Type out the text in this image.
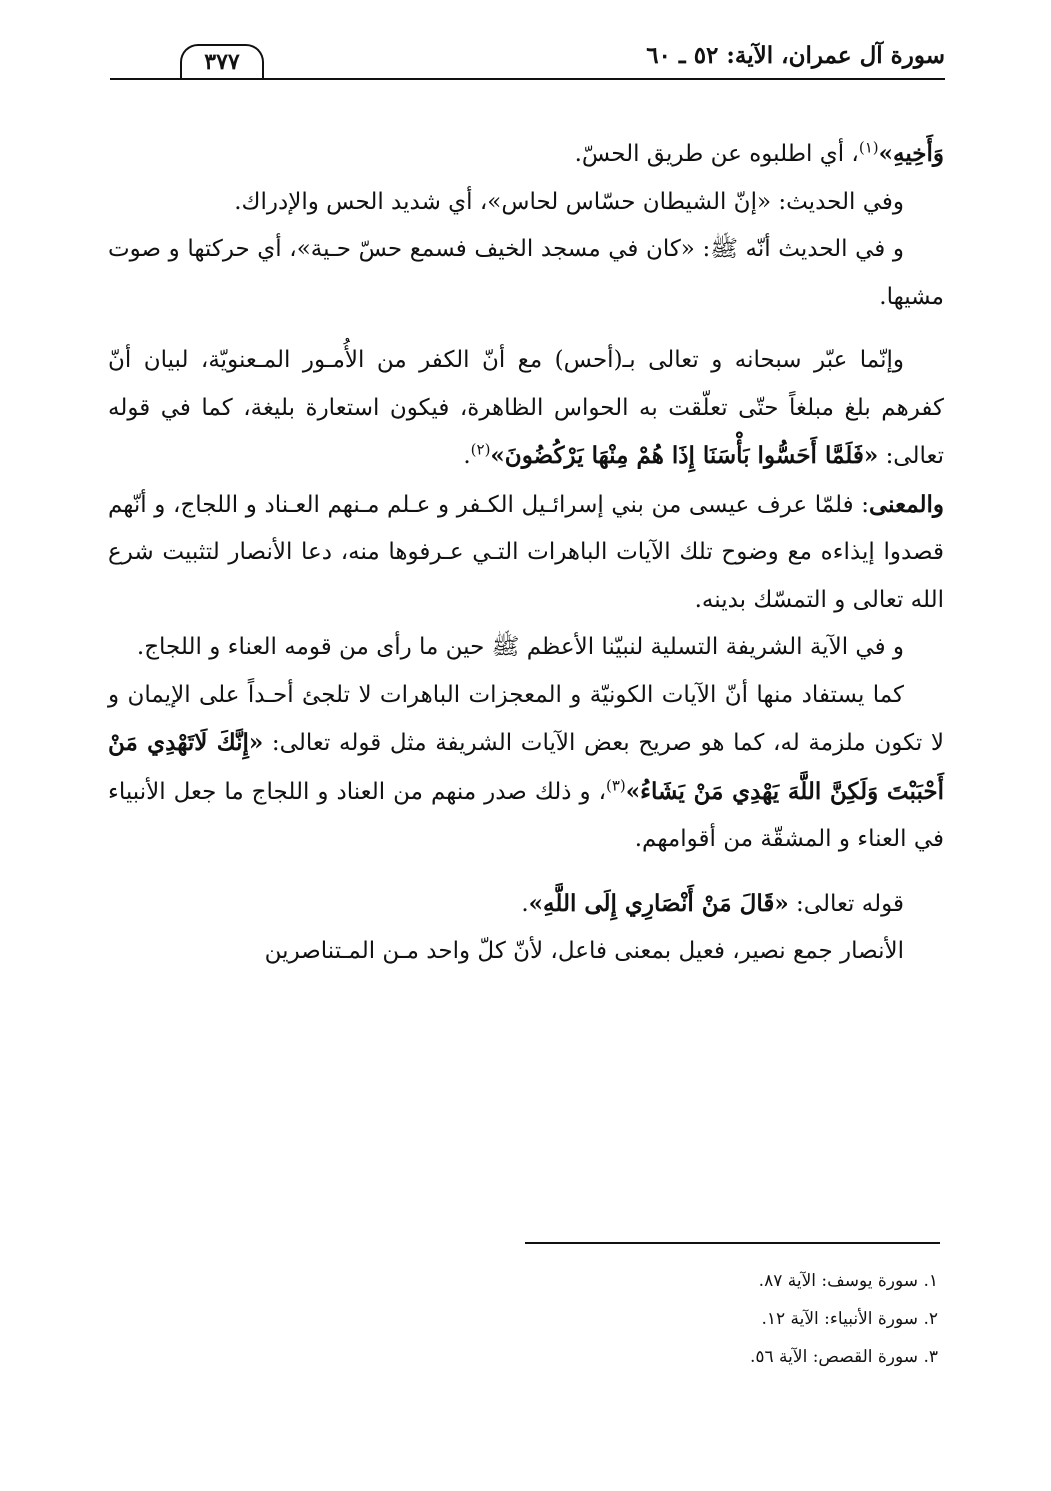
سورة آل عمران، الآية: ٥٢ ـ ٦٠
٣٧٧

وَأَخِيهِ»$^{(١)}$، أي اطلبوه عن طريق الحسّ.

وفي الحديث: «إنّ الشيطان حسّاس لحاس»، أي شديد الحس والإدراك.

و في الحديث أنّه ﷺ: «كان في مسجد الخيف فسمع حسّ حـية»، أي حركتها و صوت مشيها.

وإنّما عبّر سبحانه و تعالى بـ(أحس) مع أنّ الكفر من الأُمـور المـعنويّة، لبيان أنّ كفرهم بلغ مبلغاً حتّى تعلّقت به الحواس الظاهرة، فيكون استعارة بليغة، كما في قوله تعالى: «فَلَمَّا أَحَسُّوا بَأْسَنَا إِذَا هُمْ مِنْهَا يَرْكُضُونَ»$^{(٢)}$.

والمعنى: فلمّا عرف عيسى من بني إسرائـيل الكـفر و عـلم مـنهم العـناد و اللجاج، و أنّهم قصدوا إيذاءه مع وضوح تلك الآيات الباهرات التـي عـرفوها منه، دعا الأنصار لتثبيت شرع الله تعالى و التمسّك بدينه.

و في الآية الشريفة التسلية لنبيّنا الأعظم ﷺ حين ما رأى من قومه العناء و اللجاج.

كما يستفاد منها أنّ الآيات الكونيّة و المعجزات الباهرات لا تلجئ أحـداً على الإيمان و لا تكون ملزمة له، كما هو صريح بعض الآيات الشريفة مثل قوله تعالى: «إِنَّكَ لَاتَهْدِي مَنْ أَحْبَبْتَ وَلَكِنَّ اللَّهَ يَهْدِي مَنْ يَشَاءُ»$^{(٣)}$، و ذلك صدر منهم من العناد و اللجاج ما جعل الأنبياء في العناء و المشقّة من أقوامهم.

قوله تعالى: «قَالَ مَنْ أَنْصَارِي إِلَى اللَّهِ».

الأنصار جمع نصير، فعيل بمعنى فاعل، لأنّ كلّ واحد مـن المـتناصرين

١. سورة يوسف: الآية ٨٧.

٢. سورة الأنبياء: الآية ١٢.

٣. سورة القصص: الآية ٥٦.
